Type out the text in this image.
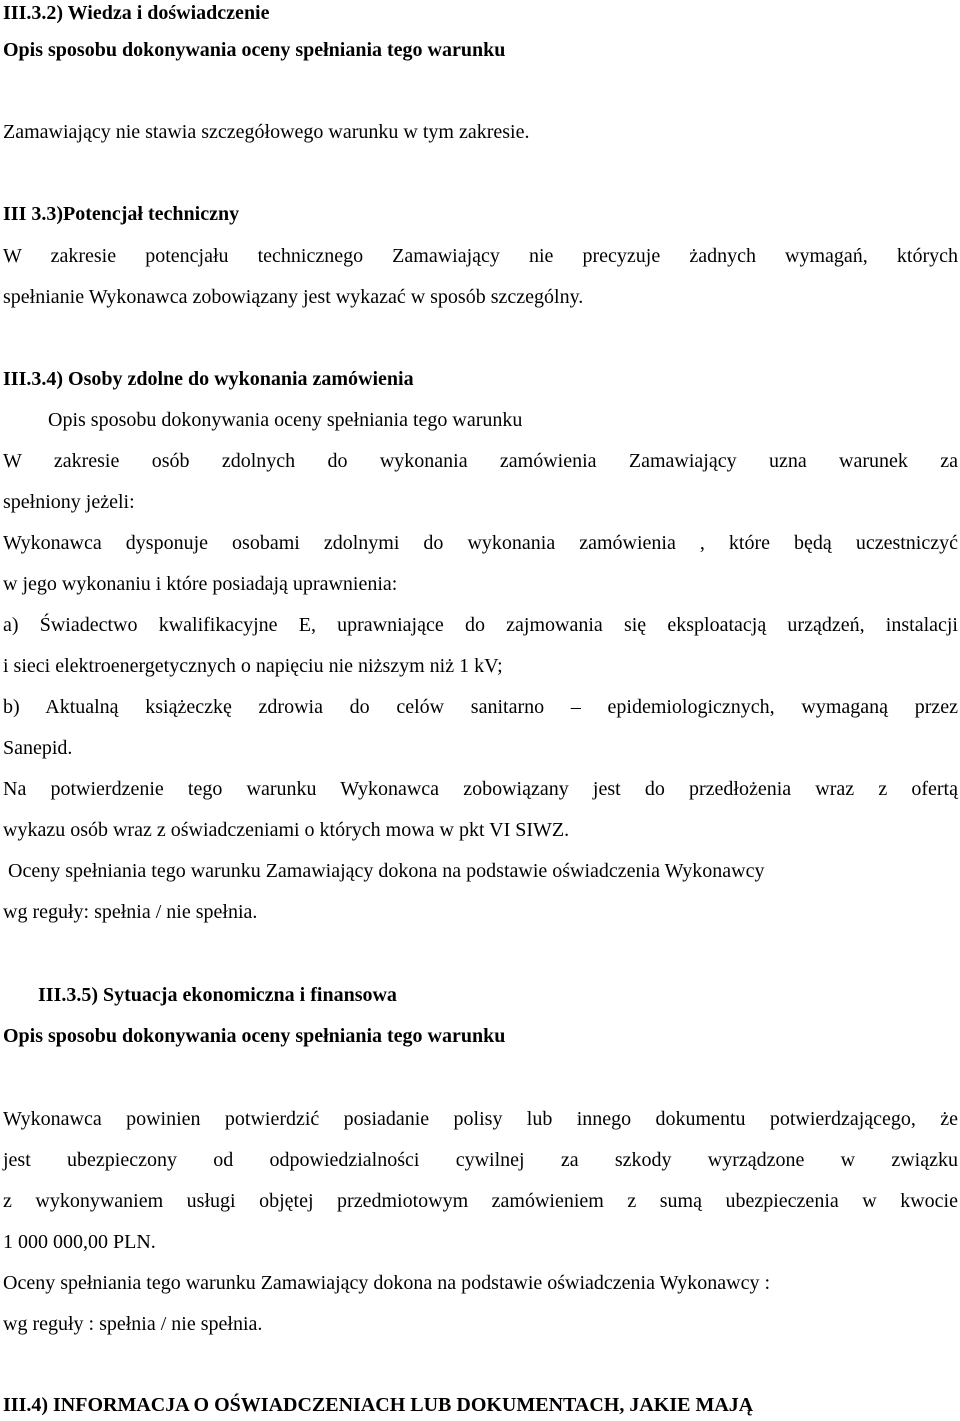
III.3.2) Wiedza i doświadczenie
Opis sposobu dokonywania oceny spełniania tego warunku
Zamawiający nie stawia szczegółowego warunku w tym zakresie.
III 3.3)Potencjał techniczny
W zakresie potencjału technicznego Zamawiający nie precyzuje żadnych wymagań, których
spełnianie Wykonawca zobowiązany jest wykazać w sposób szczególny.
III.3.4) Osoby zdolne do wykonania zamówienia
Opis sposobu dokonywania oceny spełniania tego warunku
W zakresie osób zdolnych do wykonania zamówienia Zamawiający uzna warunek za
spełniony jeżeli:
Wykonawca dysponuje osobami zdolnymi do wykonania zamówienia , które będą uczestniczyć
w jego wykonaniu i które posiadają uprawnienia:
a) Świadectwo kwalifikacyjne E, uprawniające do zajmowania się eksploatacją urządzeń, instalacji
i sieci elektroenergetycznych o napięciu nie niższym niż 1 kV;
b) Aktualną książeczkę zdrowia do celów sanitarno – epidemiologicznych, wymaganą przez
Sanepid.
Na potwierdzenie tego warunku Wykonawca zobowiązany jest do przedłożenia wraz z ofertą
wykazu osób wraz z oświadczeniami o których mowa w pkt VI SIWZ.
Oceny spełniania tego warunku Zamawiający dokona na podstawie oświadczenia Wykonawcy
wg reguły: spełnia / nie spełnia.
III.3.5) Sytuacja ekonomiczna i finansowa
Opis sposobu dokonywania oceny spełniania tego warunku
Wykonawca powinien potwierdzić posiadanie polisy lub innego dokumentu potwierdzającego, że
jest ubezpieczony od odpowiedzialności cywilnej za szkody wyrządzone w związku
z wykonywaniem usługi objętej przedmiotowym zamówieniem z sumą ubezpieczenia w kwocie
1 000 000,00 PLN.
Oceny spełniania tego warunku Zamawiający dokona na podstawie oświadczenia Wykonawcy :
wg reguły : spełnia / nie spełnia.
III.4) INFORMACJA O OŚWIADCZENIACH LUB DOKUMENTACH, JAKIE MAJĄ
